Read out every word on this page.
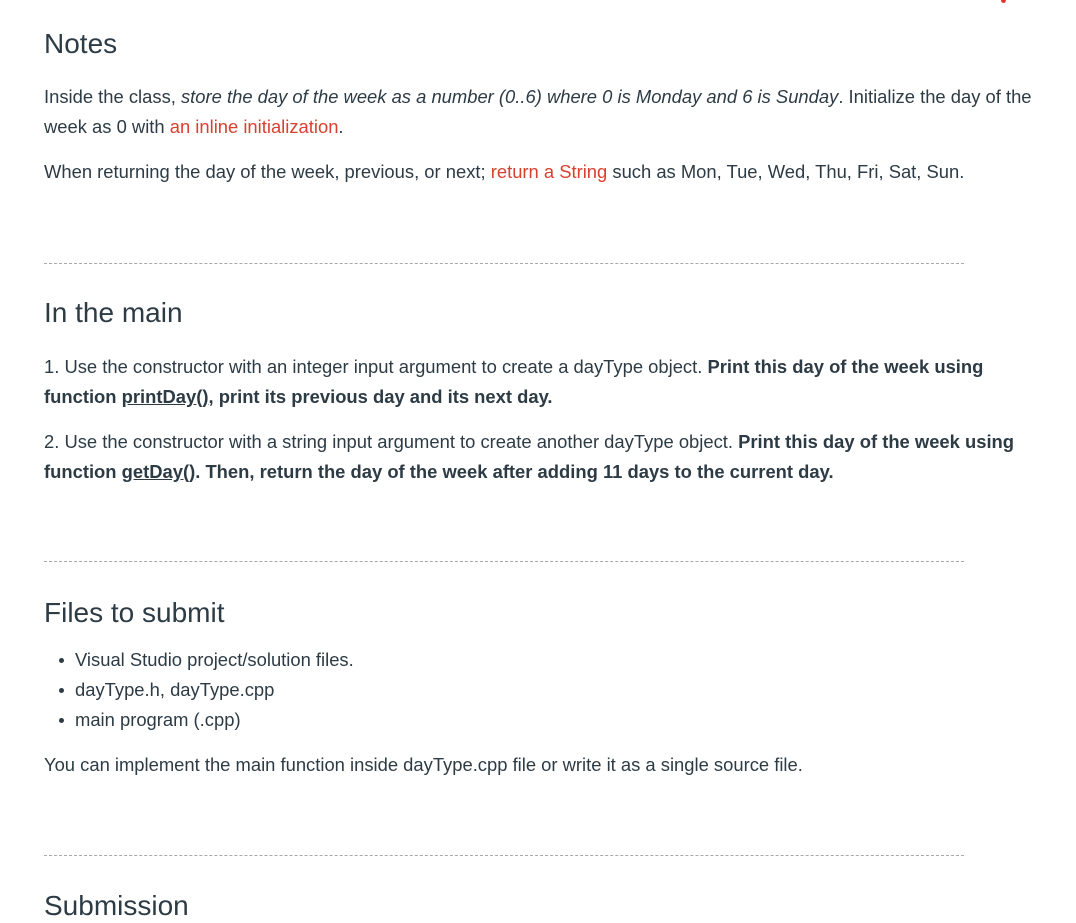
Notes

Inside the class, store the day of the week as a number (0..6) where 0 is Monday and 6 is Sunday. Initialize the day of the

week as 0 with an inline initialization.

When returning the day of the week, previous, or next; return a String such as Mon, Tue, Wed, Thu, Fri, Sat, Sun.

In the main

1. Use the constructor with an integer input argument to create a dayType object. Print this day of the week using

function printDay(), print its previous day and its next day.

2. Use the constructor with a string input argument to create another dayType object. Print this day of the week using

function getDay(). Then, return the day of the week after adding 11 days to the current day.

Files to submit
Visual Studio project/solution files.
dayType.h, dayType.cpp
main program (.cpp)

You can implement the main function inside dayType.cpp file or write it as a single source file.

Submission
